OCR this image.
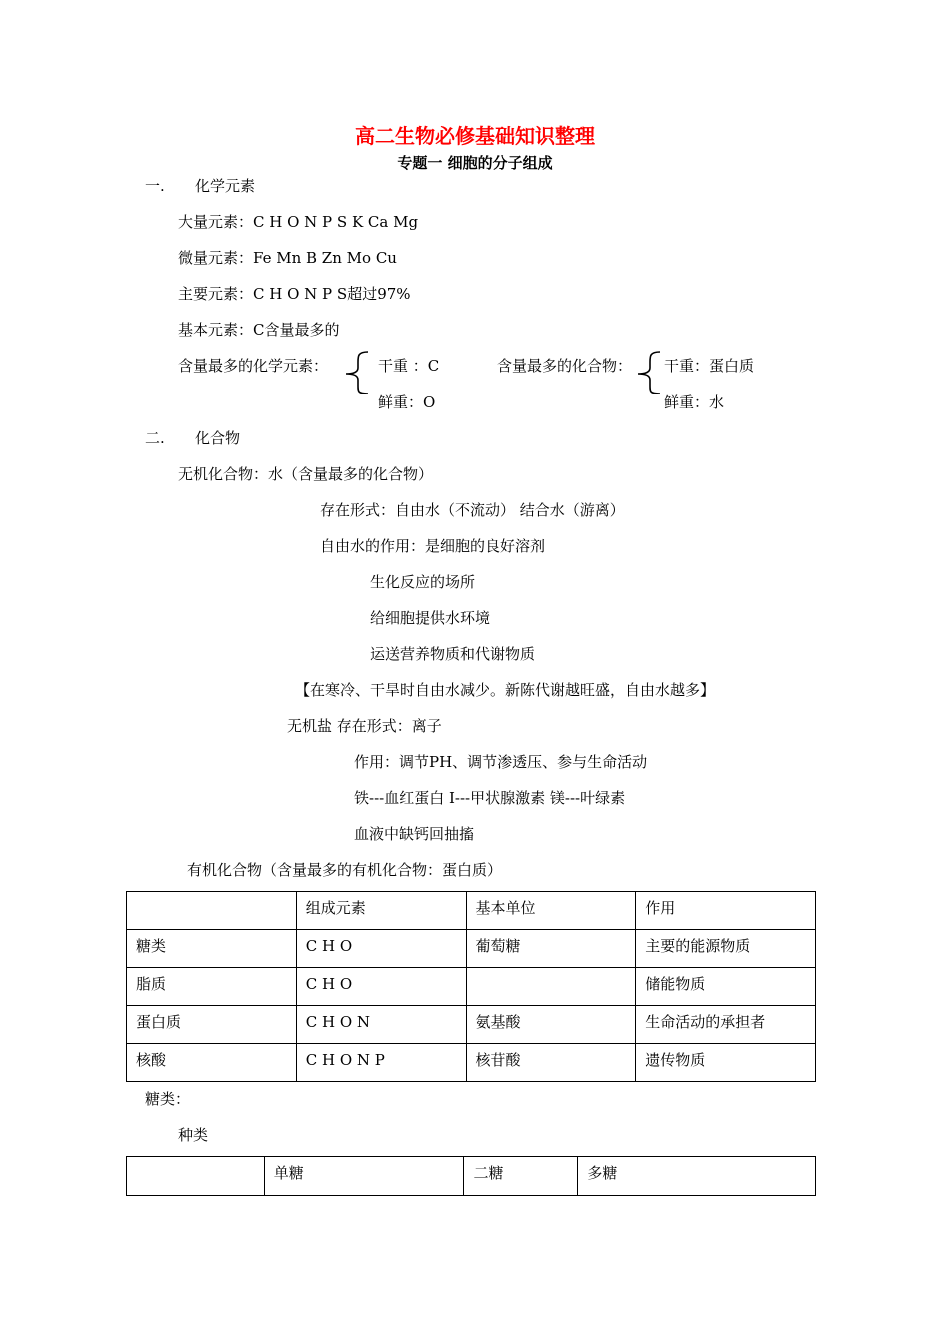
高二生物必修基础知识整理
专题一 细胞的分子组成
一. 化学元素
大量元素：C H O N P S K Ca Mg
微量元素：Fe Mn B Zn Mo Cu
主要元素：C H O N P S超过97%
基本元素：C含量最多的
含量最多的化学元素：	干重 ：C
鲜重：O
含量最多的化合物： 干重：蛋白质
鲜重：水
二. 化合物
无机化合物：水（含量最多的化合物）
存在形式：自由水（不流动） 结合水（游离）
自由水的作用：是细胞的良好溶剂
生化反应的场所
给细胞提供水环境
运送营养物质和代谢物质
【在寒冷、干旱时自由水减少。新陈代谢越旺盛，自由水越多】
无机盐 存在形式：离子
作用：调节PH、调节渗透压、参与生命活动
铁---血红蛋白 I---甲状腺激素 镁---叶绿素
血液中缺钙回抽搐
有机化合物（含量最多的有机化合物：蛋白质）
	组成元素	基本单位	作用
糖类	C H O	葡萄糖	主要的能源物质
脂质	C H O		储能物质
蛋白质	C H O N	氨基酸	生命活动的承担者
核酸	C H O N P	核苷酸	遗传物质
糖类：
种类
	单糖	二糖	多糖
